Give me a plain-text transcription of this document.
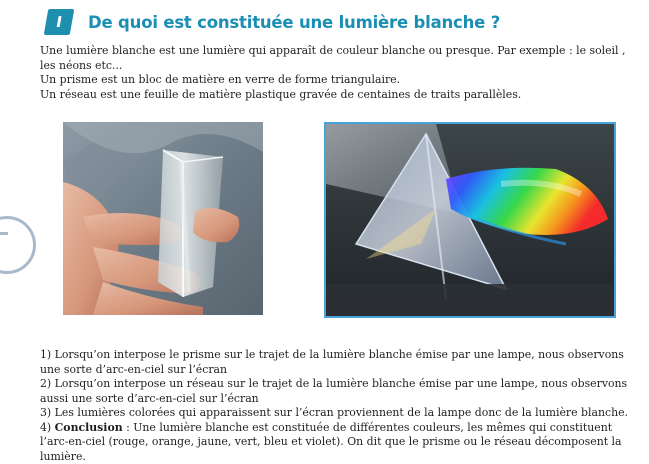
I De quoi est constituée une lumière blanche ?

Une lumière blanche est une lumière qui apparaît de couleur blanche ou presque. Par exemple : le soleil , les néons etc...

Un prisme est un bloc de matière en verre de forme triangulaire.

Un réseau est une feuille de matière plastique gravée de centaines de traits parallèles.

1) Lorsqu’on interpose le prisme sur le trajet de la lumière blanche émise par une lampe, nous observons une sorte d’arc-en-ciel sur l’écran

2) Lorsqu’on interpose un réseau sur le trajet de la lumière blanche émise par une lampe, nous observons aussi une sorte d’arc-en-ciel sur l’écran

3) Les lumières colorées qui apparaissent sur l’écran proviennent de la lampe donc de la lumière blanche.

4) Conclusion : Une lumière blanche est constituée de différentes couleurs, les mêmes qui constituent l’arc-en-ciel (rouge, orange, jaune, vert, bleu et violet). On dit que le prisme ou le réseau décomposent la lumière.
